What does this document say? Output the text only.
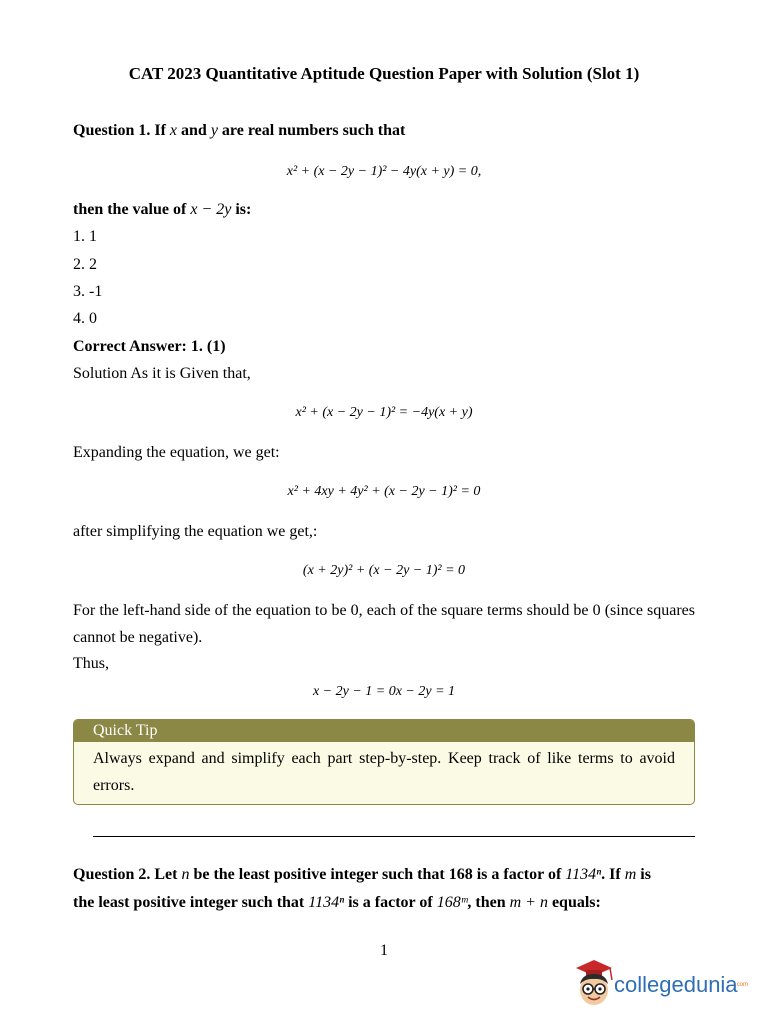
CAT 2023 Quantitative Aptitude Question Paper with Solution (Slot 1)
Question 1. If x and y are real numbers such that
x² + (x − 2y − 1)² − 4y(x + y) = 0,
then the value of x − 2y is:
1. 1
2. 2
3. -1
4. 0
Correct Answer: 1. (1)
Solution As it is Given that,
x² + (x − 2y − 1)² = −4y(x + y)
Expanding the equation, we get:
x² + 4xy + 4y² + (x − 2y − 1)² = 0
after simplifying the equation we get,:
(x + 2y)² + (x − 2y − 1)² = 0
For the left-hand side of the equation to be 0, each of the square terms should be 0 (since squares cannot be negative).
Thus,
x − 2y − 1 = 0x − 2y = 1
Quick Tip
Always expand and simplify each part step-by-step. Keep track of like terms to avoid errors.
Question 2. Let n be the least positive integer such that 168 is a factor of 1134ⁿ. If m is
the least positive integer such that 1134ⁿ is a factor of 168ᵐ, then m + n equals:
1
collegedunia
.com
